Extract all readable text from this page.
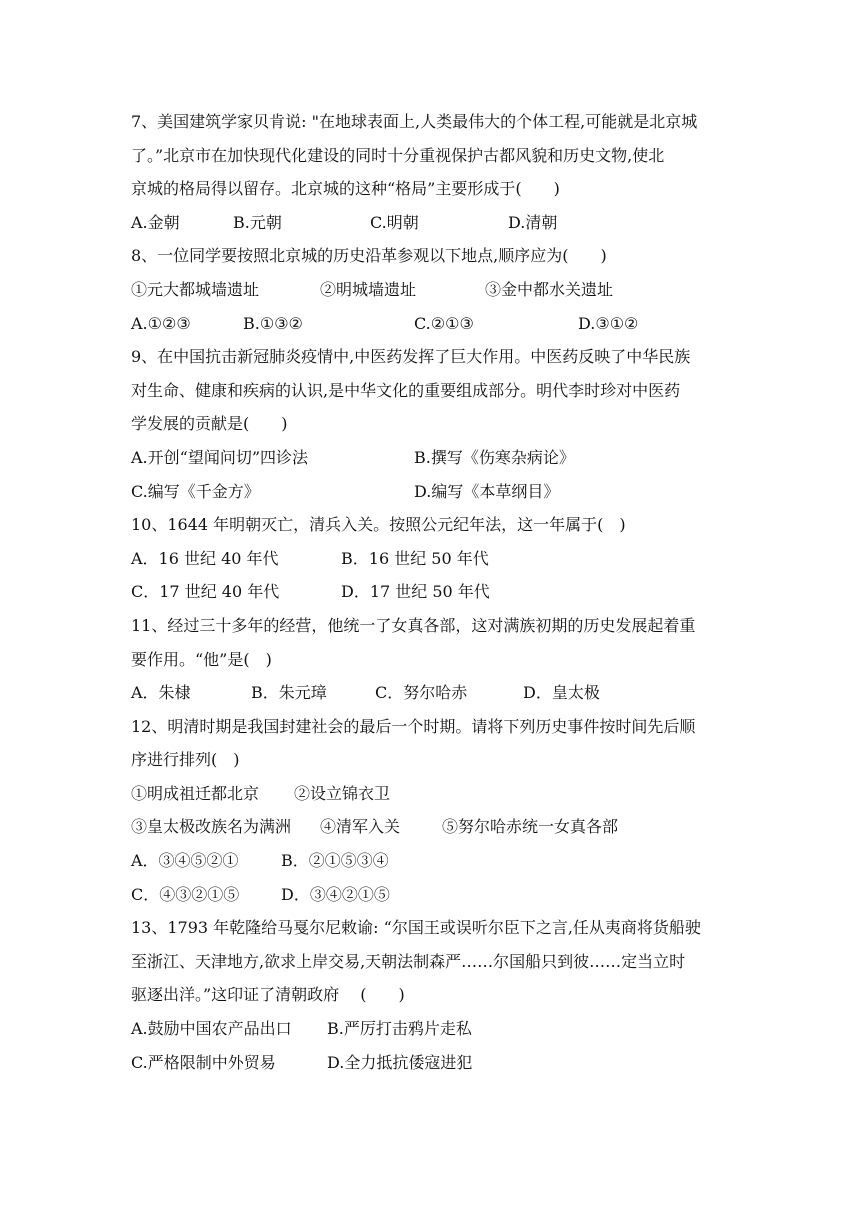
7、美国建筑学家贝肯说: "在地球表面上,人类最伟大的个体工程,可能就是北京城
了。”北京市在加快现代化建设的同时十分重视保护古都风貌和历史文物,使北
京城的格局得以留存。北京城的这种“格局”主要形成于(　　)
A.金朝	B.元朝	C.明朝	D.清朝
8、一位同学要按照北京城的历史沿革参观以下地点,顺序应为(　　)
①元大都城墙遗址	②明城墙遗址	③金中都水关遗址
A.①②③	B.①③②	C.②①③	D.③①②
9、在中国抗击新冠肺炎疫情中,中医药发挥了巨大作用。中医药反映了中华民族
对生命、健康和疾病的认识,是中华文化的重要组成部分。明代李时珍对中医药
学发展的贡献是(　　)
A.开创“望闻问切”四诊法	B.撰写《伤寒杂病论》
C.编写《千金方》	D.编写《本草纲目》
10、1644 年明朝灭亡，清兵入关。按照公元纪年法，这一年属于(　)
A．16 世纪 40 年代	B．16 世纪 50 年代
C．17 世纪 40 年代	D．17 世纪 50 年代
11、经过三十多年的经营，他统一了女真各部，这对满族初期的历史发展起着重
要作用。“他”是(　)
A．朱棣	B．朱元璋	C．努尔哈赤	D．皇太极
12、明清时期是我国封建社会的最后一个时期。请将下列历史事件按时间先后顺
序进行排列(　)
①明成祖迁都北京 ②设立锦衣卫
③皇太极改族名为满洲 ④清军入关	⑤努尔哈赤统一女真各部
A．③④⑤②①	B．②①⑤③④
C．④③②①⑤	D．③④②①⑤
13、1793 年乾隆给马戛尔尼敕谕: “尔国王或误听尔臣下之言,任从夷商将货船驶
至浙江、天津地方,欲求上岸交易,天朝法制森严……尔国船只到彼……定当立时
驱逐出洋。”这印证了清朝政府　 (　　)
A.鼓励中国农产品出口 B.严厉打击鸦片走私
C.严格限制中外贸易	D.全力抵抗倭寇进犯
